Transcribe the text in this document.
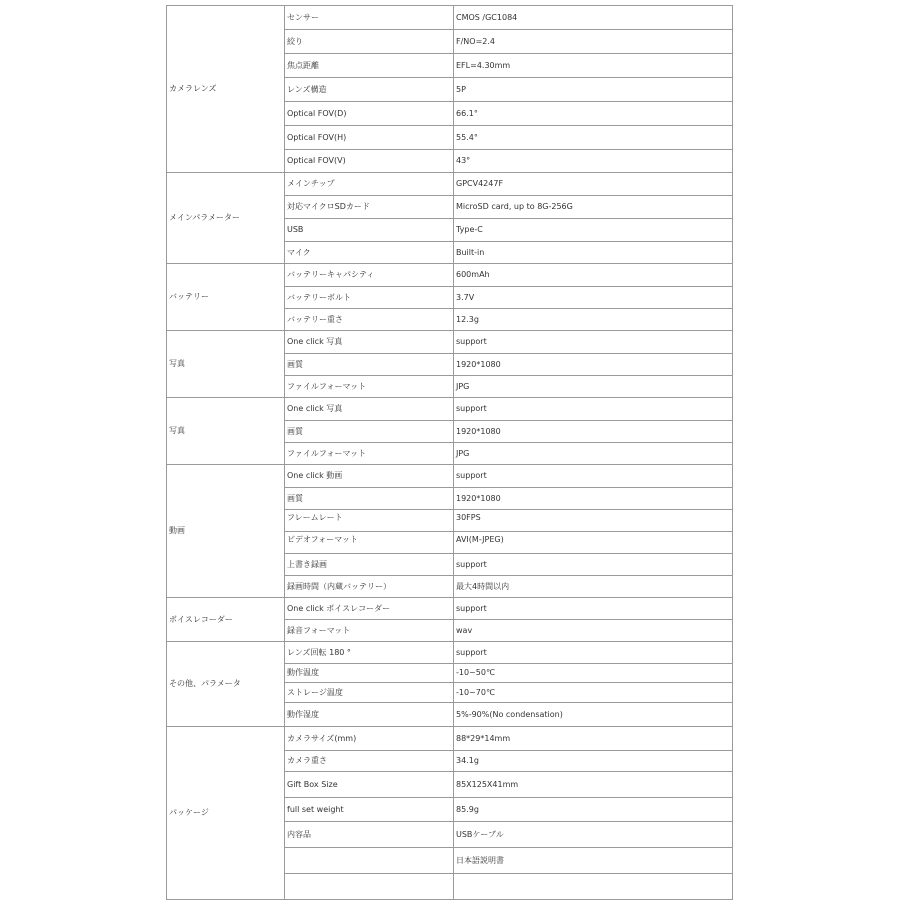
カメラレンズ	センサー	CMOS /GC1084
	絞り	F/NO=2.4
	焦点距離	EFL=4.30mm
	レンズ構造	5P
	Optical FOV(D)	66.1°
	Optical FOV(H)	55.4°
	Optical FOV(V)	43°
メインパラメーター	メインチップ	GPCV4247F
	対応マイクロSDカード	MicroSD card, up to 8G-256G
	USB	Type-C
	マイク	Built-in
バッテリー	バッテリーキャパシティ	600mAh
	バッテリーボルト	3.7V
	バッテリー重さ	12.3g
写真	One click 写真	support
	画質	1920*1080
	ファイルフォーマット	JPG
写真	One click 写真	support
	画質	1920*1080
	ファイルフォーマット	JPG
動画	One click 動画	support
	画質	1920*1080
	フレームレート	30FPS
	ビデオフォーマット	AVI(M-JPEG)
	上書き録画	support
	録画時間（内蔵バッテリー）	最大4時間以内
ボイスレコーダー	One click ボイスレコーダー	support
	録音フォーマット	wav
その他、パラメータ	レンズ回転 180 °	support
	動作温度	-10~50℃
	ストレージ温度	-10~70℃
	動作湿度	5%-90%(No condensation)
パッケージ	カメラサイズ(mm)	88*29*14mm
	カメラ重さ	34.1g
	Gift Box Size	85X125X41mm
	full set weight	85.9g
	内容品	USBケーブル
		日本語説明書
